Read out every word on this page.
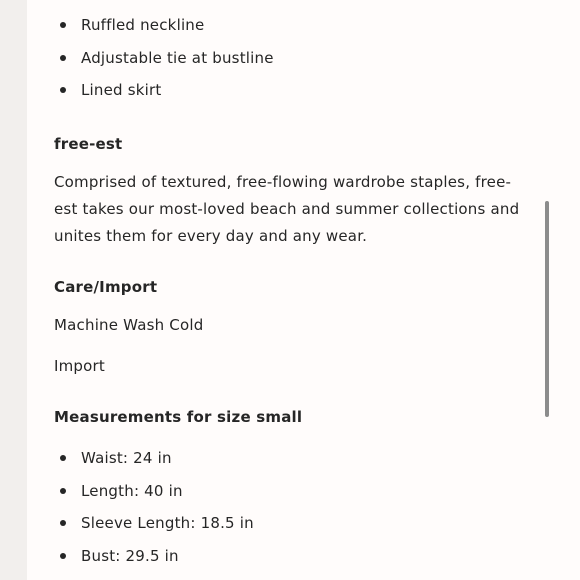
Ruffled neckline
Adjustable tie at bustline
Lined skirt
free-est

Comprised of textured, free-flowing wardrobe staples, free-

est takes our most-loved beach and summer collections and

unites them for every day and any wear.

Care/Import

Machine Wash Cold

Import

Measurements for size small
Waist: 24 in
Length: 40 in
Sleeve Length: 18.5 in
Bust: 29.5 in
